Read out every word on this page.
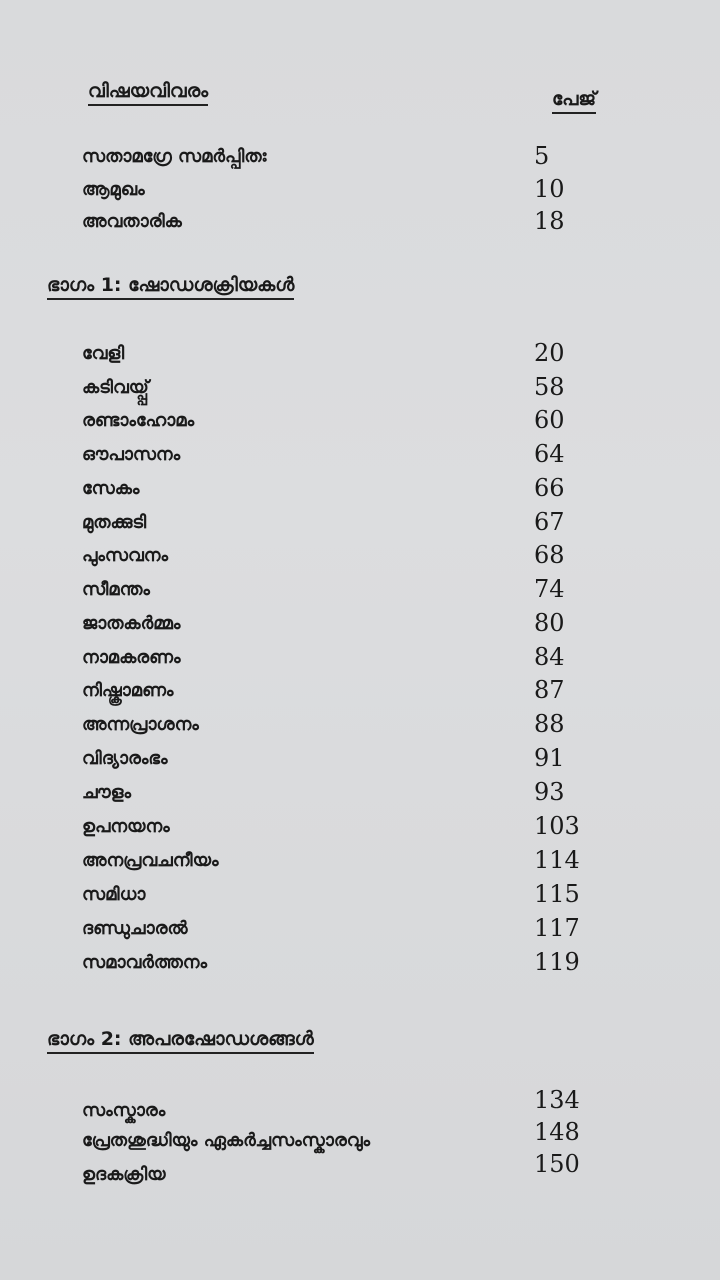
വിഷയവിവരം	പേജ്
സതാമഗ്രേ സമർപ്പിതഃ	5
ആമുഖം	10
അവതാരിക	18
ഭാഗം 1: ഷോഡശക്രിയകൾ
വേളി	20
കടിവയ്പ്പ്	58
രണ്ടാംഹോമം	60
ഔപാസനം	64
സേകം	66
മുതക്കുടി	67
പുംസവനം	68
സീമന്തം	74
ജാതകർമ്മം	80
നാമകരണം	84
നിഷ്ക്രാമണം	87
അന്നപ്രാശനം	88
വിദ്യാരംഭം	91
ചൗളം	93
ഉപനയനം	103
അനപ്രവചനീയം	114
സമിധാ	115
ദണ്ഡുചാരൽ	117
സമാവർത്തനം	119
ഭാഗം 2: അപരഷോഡശങ്ങൾ
സംസ്കാരം	134
പ്രേതശുദ്ധിയും ഏകർച്ചസംസ്കാരവും	148
ഉദകക്രിയ	150
